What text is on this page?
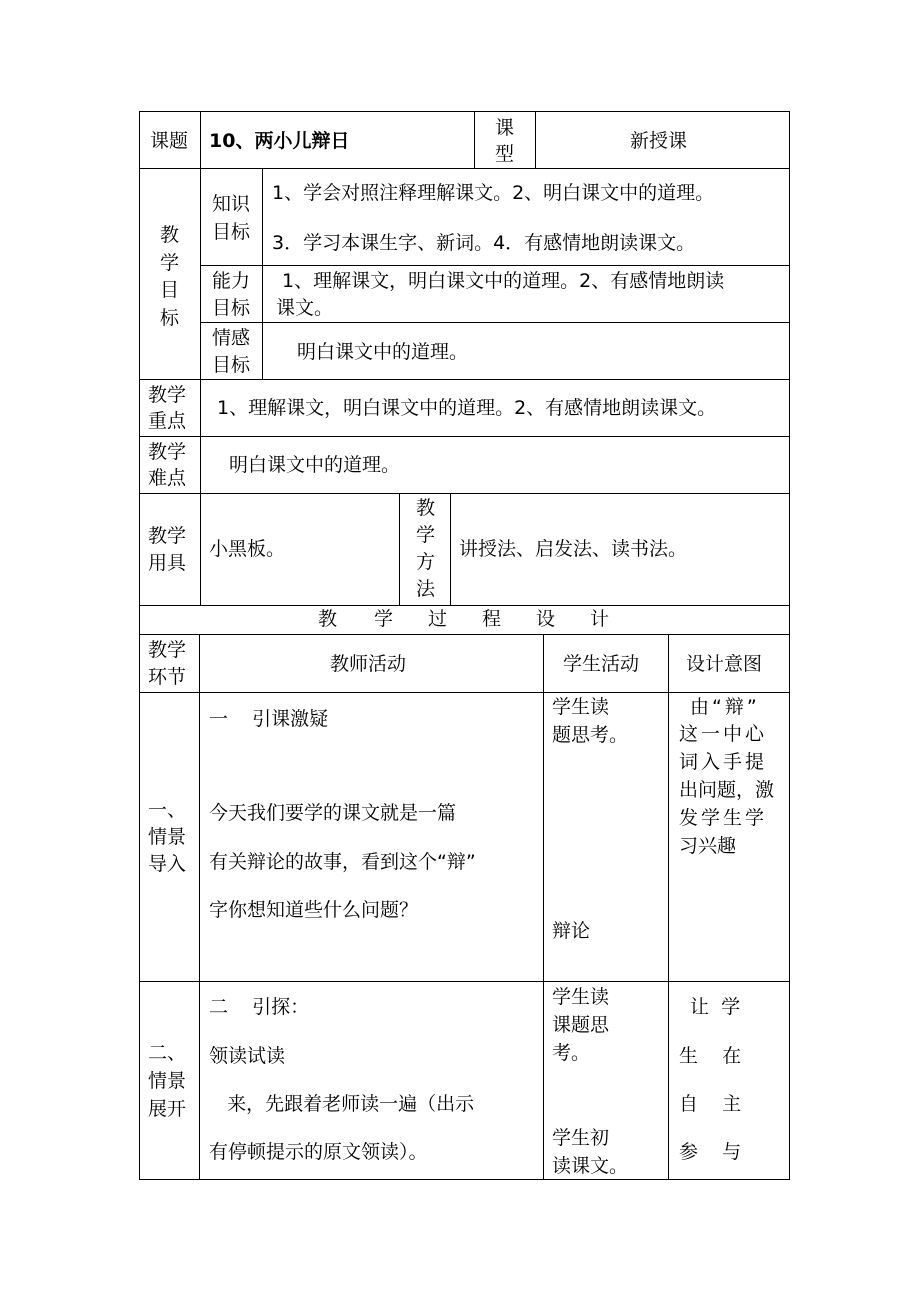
课题 10、两小儿辩日
课
型
新授课
教
学
目
标
知识
目标
1、学会对照注释理解课文。2、明白课文中的道理。
3．学习本课生字、新词。4．有感情地朗读课文。
能力
目标
1、理解课文，明白课文中的道理。2、有感情地朗读
课文。
情感
目标
明白课文中的道理。
教学
重点
1、理解课文，明白课文中的道理。2、有感情地朗读课文。
教学
难点
明白课文中的道理。
教学
用具
小黑板。
教
学
方
法
讲授法、启发法、读书法。
教 学 过 程 设 计
教学
环节
教师活动	学生活动 设计意图
一、
情景
导入
一    引课激疑
今天我们要学的课文就是一篇
有关辩论的故事，看到这个“辩”
字你想知道些什么问题？
学生读
题思考。
辩论
由“辩”
这一中心
词入手提
出问题，激
发学生学
习兴趣
二、
情景
展开
二    引探：
领读试读
来，先跟着老师读一遍（出示
有停顿提示的原文领读）。
学生读
课题思
考。
学生初
读课文。
让  学
生    在
自    主
参    与
